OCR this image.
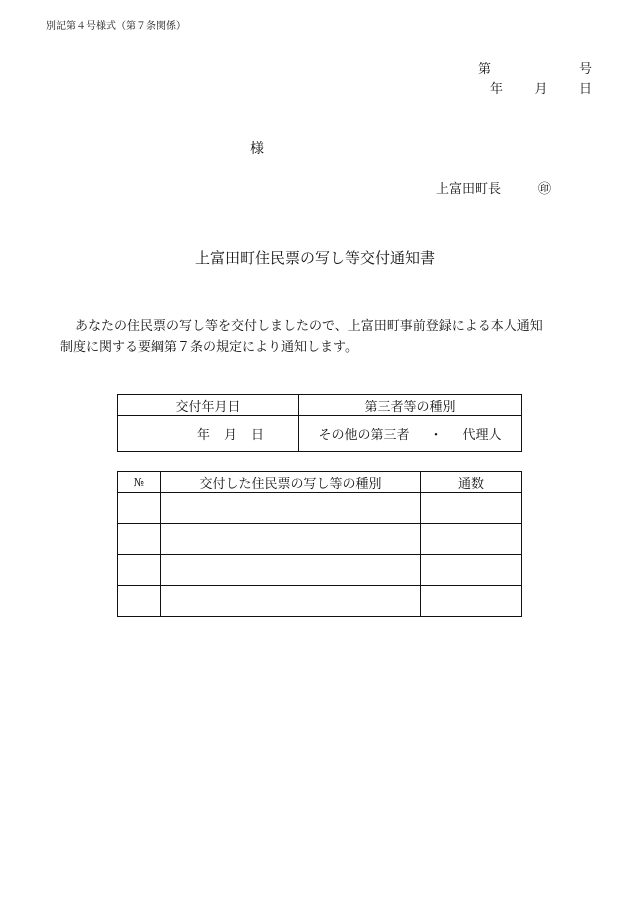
別記第４号様式（第７条関係）
第	号
年 月 日
様
上富田町長	㊞
上富田町住民票の写し等交付通知書

あなたの住民票の写し等を交付しましたので、上富田町事前登録による本人通知

制度に関する要綱第７条の規定により通知します。

交付年月日	第三者等の種別

年 月 日	その他の第三者 ・ 代理人
№	交付した住民票の写し等の種別	通数
